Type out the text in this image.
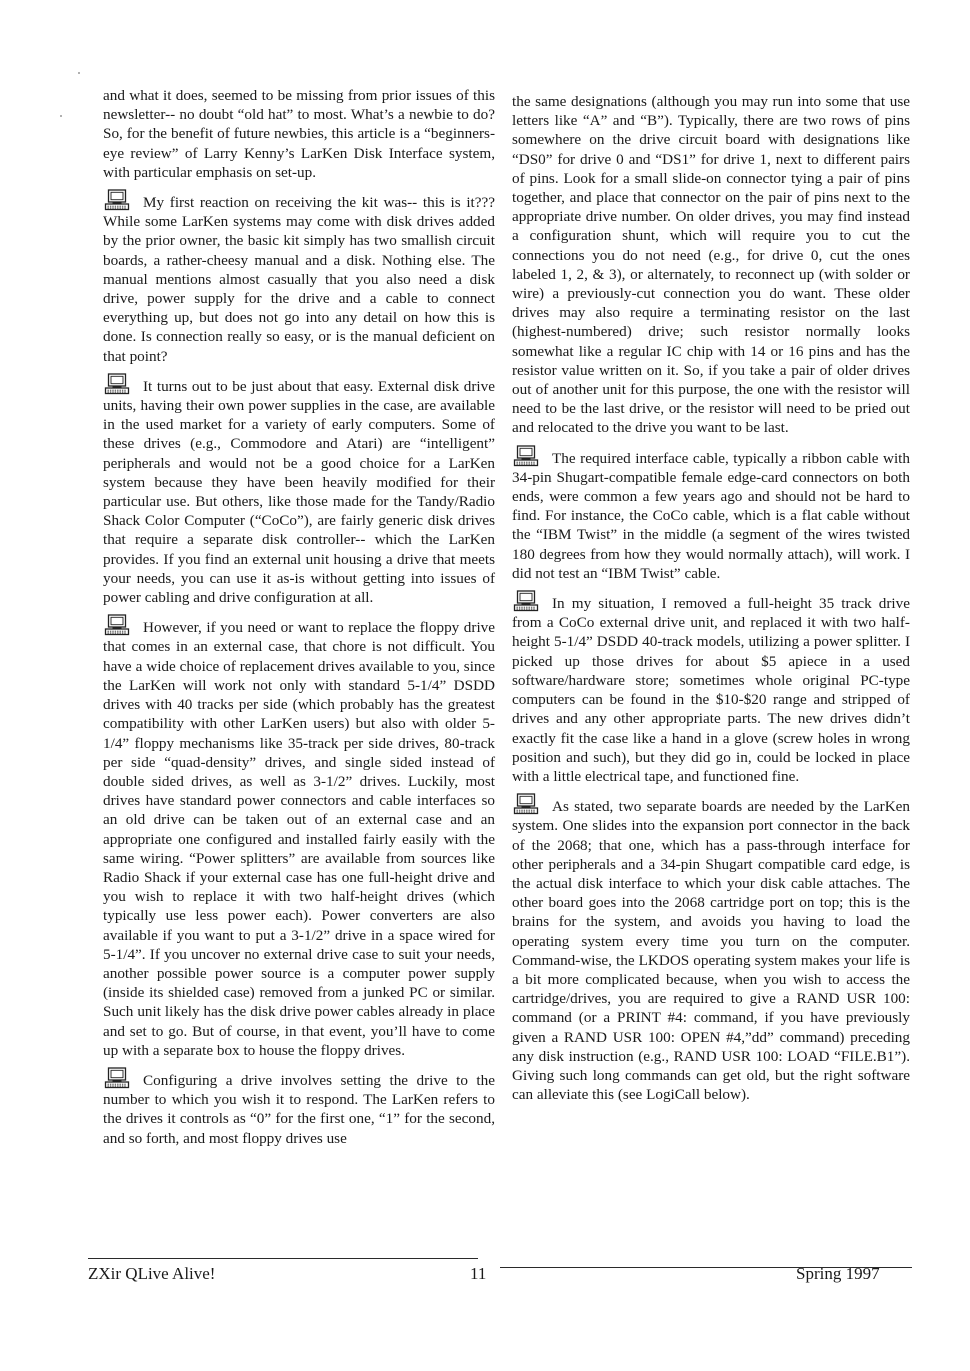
and what it does, seemed to be missing from prior issues of this newsletter-- no doubt “old hat” to most. What’s a newbie to do? So, for the benefit of future newbies, this article is a “beginners-eye review” of Larry Kenny’s LarKen Disk Interface system, with particular emphasis on set-up.

My first reaction on receiving the kit was-- this is it??? While some LarKen systems may come with disk drives added by the prior owner, the basic kit simply has two smallish circuit boards, a rather-cheesy manual and a disk. Nothing else. The manual mentions almost casually that you also need a disk drive, power supply for the drive and a cable to connect everything up, but does not go into any detail on how this is done. Is connection really so easy, or is the manual deficient on that point?

It turns out to be just about that easy. External disk drive units, having their own power supplies in the case, are available in the used market for a variety of early computers. Some of these drives (e.g., Commodore and Atari) are “intelligent” peripherals and would not be a good choice for a LarKen system because they have been heavily modified for their particular use. But others, like those made for the Tandy/Radio Shack Color Computer (“CoCo”), are fairly generic disk drives that require a separate disk controller-- which the LarKen provides. If you find an external unit housing a drive that meets your needs, you can use it as-is without getting into issues of power cabling and drive configuration at all.

However, if you need or want to replace the floppy drive that comes in an external case, that chore is not difficult. You have a wide choice of replacement drives available to you, since the LarKen will work not only with standard 5-1/4” DSDD drives with 40 tracks per side (which probably has the greatest compatibility with other LarKen users) but also with older 5-1/4” floppy mechanisms like 35-track per side drives, 80-track per side “quad-density” drives, and single sided instead of double sided drives, as well as 3-1/2” drives. Luckily, most drives have standard power connectors and cable interfaces so an old drive can be taken out of an external case and an appropriate one configured and installed fairly easily with the same wiring. “Power splitters” are available from sources like Radio Shack if your external case has one full-height drive and you wish to replace it with two half-height drives (which typically use less power each). Power converters are also available if you want to put a 3-1/2” drive in a space wired for 5-1/4”. If you uncover no external drive case to suit your needs, another possible power source is a computer power supply (inside its shielded case) removed from a junked PC or similar. Such unit likely has the disk drive power cables already in place and set to go. But of course, in that event, you’ll have to come up with a separate box to house the floppy drives.

Configuring a drive involves setting the drive to the number to which you wish it to respond. The LarKen refers to the drives it controls as “0” for the first one, “1” for the second, and so forth, and most floppy drives use

the same designations (although you may run into some that use letters like “A” and “B”). Typically, there are two rows of pins somewhere on the drive circuit board with designations like “DS0” for drive 0 and “DS1” for drive 1, next to different pairs of pins. Look for a small slide-on connector tying a pair of pins together, and place that connector on the pair of pins next to the appropriate drive number. On older drives, you may find instead a configuration shunt, which will require you to cut the connections you do not need (e.g., for drive 0, cut the ones labeled 1, 2, & 3), or alternately, to reconnect up (with solder or wire) a previously-cut connection you do want. These older drives may also require a terminating resistor on the last (highest-numbered) drive; such resistor normally looks somewhat like a regular IC chip with 14 or 16 pins and has the resistor value written on it. So, if you take a pair of older drives out of another unit for this purpose, the one with the resistor will need to be the last drive, or the resistor will need to be pried out and relocated to the drive you want to be last.

The required interface cable, typically a ribbon cable with 34-pin Shugart-compatible female edge-card connectors on both ends, were common a few years ago and should not be hard to find. For instance, the CoCo cable, which is a flat cable without the “IBM Twist” in the middle (a segment of the wires twisted 180 degrees from how they would normally attach), will work. I did not test an “IBM Twist” cable.

In my situation, I removed a full-height 35 track drive from a CoCo external drive unit, and replaced it with two half-height 5-1/4” DSDD 40-track models, utilizing a power splitter. I picked up those drives for about $5 apiece in a used software/hardware store; sometimes whole original PC-type computers can be found in the $10-$20 range and stripped of drives and any other appropriate parts. The new drives didn’t exactly fit the case like a hand in a glove (screw holes in wrong position and such), but they did go in, could be locked in place with a little electrical tape, and functioned fine.

As stated, two separate boards are needed by the LarKen system. One slides into the expansion port connector in the back of the 2068; that one, which has a pass-through interface for other peripherals and a 34-pin Shugart compatible card edge, is the actual disk interface to which your disk cable attaches. The other board goes into the 2068 cartridge port on top; this is the brains for the system, and avoids you having to load the operating system every time you turn on the computer. Command-wise, the LKDOS operating system makes your life is a bit more complicated because, when you wish to access the cartridge/drives, you are required to give a RAND USR 100: command (or a PRINT #4: command, if you have previously given a RAND USR 100: OPEN #4,”dd” command) preceding any disk instruction (e.g., RAND USR 100: LOAD “FILE.B1”). Giving such long commands can get old, but the right software can alleviate this (see LogiCall below).

ZXir QLive Alive!	11	Spring 1997
